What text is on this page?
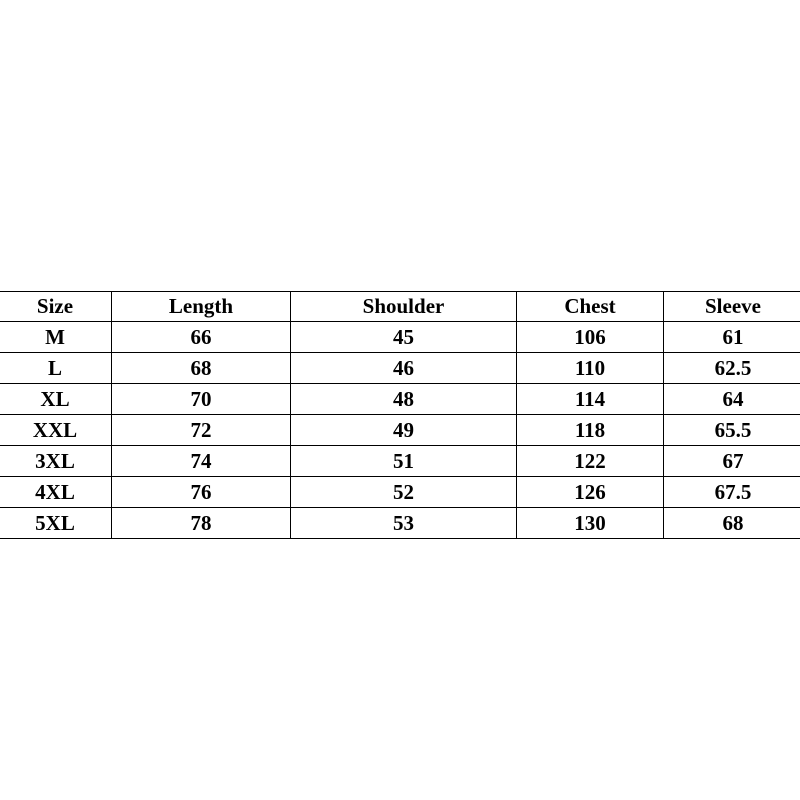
Size	Length	Shoulder	Chest	Sleeve
M	66	45	106	61
L	68	46	110	62.5
XL	70	48	114	64
XXL	72	49	118	65.5
3XL	74	51	122	67
4XL	76	52	126	67.5
5XL	78	53	130	68
